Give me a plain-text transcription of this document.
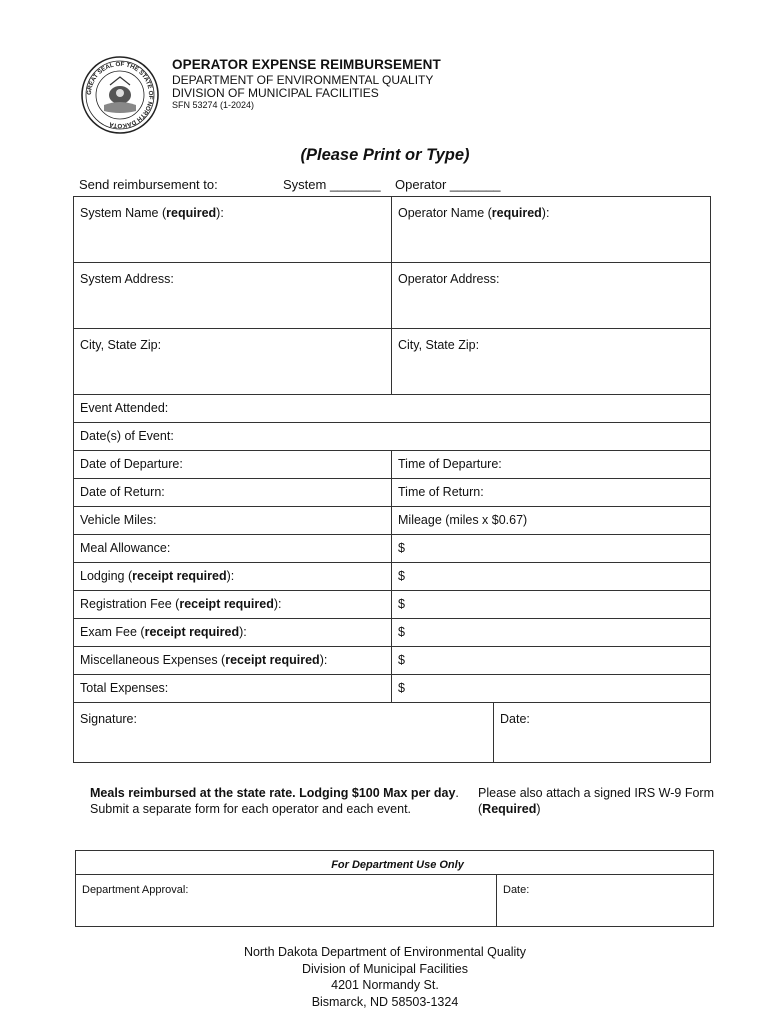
GREAT SEAL OF THE STATE OF NORTH DAKOTA
OPERATOR EXPENSE REIMBURSEMENT
DEPARTMENT OF ENVIRONMENTAL QUALITY
DIVISION OF MUNICIPAL FACILITIES
SFN 53274 (1-2024)
(Please Print or Type)
Send reimbursement to:	System _______ Operator _______
System Name (required):	Operator Name (required):	
System Address:	Operator Address:	
City, State Zip:	City, State Zip:	
Event Attended:		
Date(s) of Event:		
Date of Departure:	Time of Departure:	
Date of Return:	Time of Return:	
Vehicle Miles:	Mileage (miles x $0.67)	
Meal Allowance:	$	
Lodging (receipt required):	$	
Registration Fee (receipt required):	$	
Exam Fee (receipt required):	$	
Miscellaneous Expenses (receipt required):	$	
Total Expenses:	$	
Signature:		Date:
Meals reimbursed at the state rate. Lodging $100 Max per day. Submit a separate form for each operator and each event.
Please also attach a signed IRS W-9 Form (Required)
For Department Use Only
Department Approval:	Date:
North Dakota Department of Environmental Quality
Division of Municipal Facilities
4201 Normandy St.
Bismarck, ND 58503-1324
